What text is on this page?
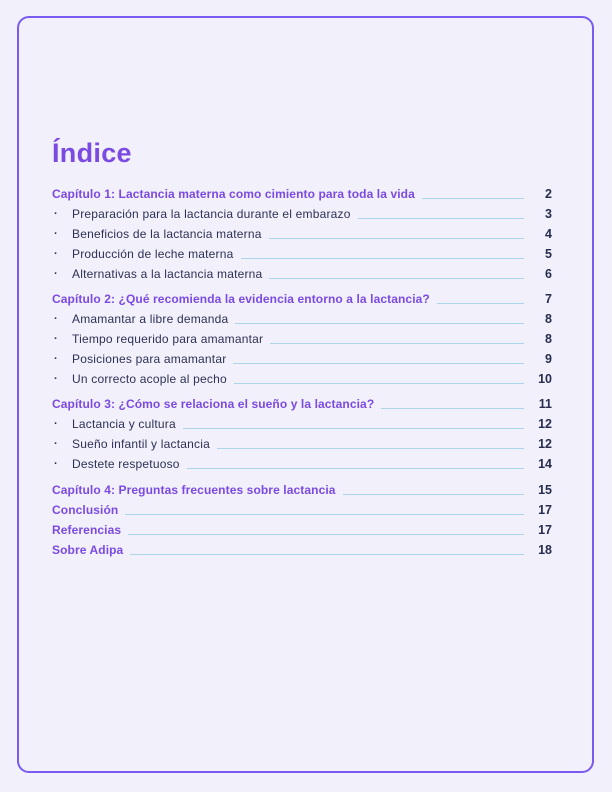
Índice
Capítulo 1: Lactancia materna como cimiento para toda la vida	2
·	Preparación para la lactancia durante el embarazo	3
·	Beneficios de la lactancia materna	4
·	Producción de leche materna	5
·	Alternativas a la lactancia materna	6
Capítulo 2: ¿Qué recomienda la evidencia entorno a la lactancia?	7
·	Amamantar a libre demanda	8
·	Tiempo requerido para amamantar	8
·	Posiciones para amamantar	9
·	Un correcto acople al pecho	10
Capítulo 3: ¿Cómo se relaciona el sueño y la lactancia?	11
·	Lactancia y cultura	12
·	Sueño infantil y lactancia	12
·	Destete respetuoso	14
Capítulo 4: Preguntas frecuentes sobre lactancia	15
Conclusión	17
Referencias	17
Sobre Adipa	18
